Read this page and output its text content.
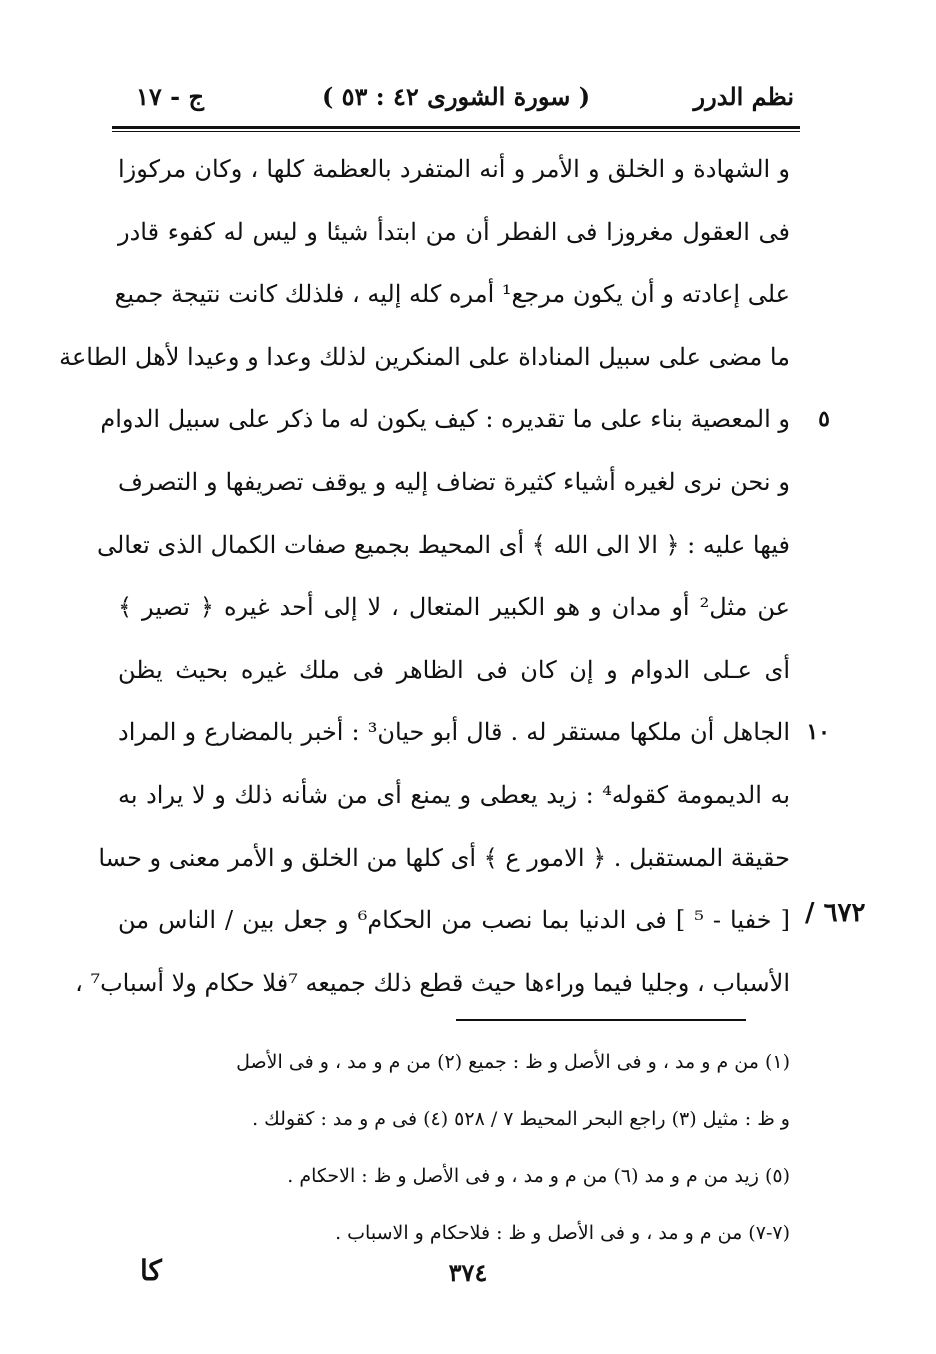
نظم الدرر
( سورة الشورى ٤٢ : ٥٣ )
ج - ١٧
و الشهادة و الخلق و الأمر و أنه المتفرد بالعظمة كلها ، وكان مركوزا
فى العقول مغروزا فى الفطر أن من ابتدأ شيئا و ليس له كفوء قادر
على إعادته و أن يكون مرجع¹ أمره كله إليه ، فلذلك كانت نتيجة جميع
ما مضى على سبيل المناداة على المنكرين لذلك وعدا و وعيدا لأهل الطاعة
و المعصية بناء على ما تقديره : كيف يكون له ما ذكر على سبيل الدوام ٥
و نحن نرى لغيره أشياء كثيرة تضاف إليه و يوقف تصريفها و التصرف
فيها عليه : ﴿ الا الى الله ﴾ أى المحيط بجميع صفات الكمال الذى تعالى
عن مثل² أو مدان و هو الكبير المتعال ، لا إلى أحد غيره ﴿ تصير ﴾
أى عـلى الدوام و إن كان فى الظاهر فى ملك غيره بحيث يظن
الجاهل أن ملكها مستقر له . قال أبو حيان³ : أخبر بالمضارع و المراد ١٠
به الديمومة كقوله⁴ : زيد يعطى و يمنع أى من شأنه ذلك و لا يراد به
حقيقة المستقبل . ﴿ الامور ع ﴾ أى كلها من الخلق و الأمر معنى و حسا
[ خفيا - ⁵ ] فى الدنيا بما نصب من الحكام⁶ و جعل بين / الناس من
الأسباب ، وجليا فيما وراءها حيث قطع ذلك جميعه ⁷فلا حكام ولا أسباب⁷ ،
٦٧٢ /
(١) من م و مد ، و فى الأصل و ظ : جميع (٢) من م و مد ، و فى الأصل
و ظ : مثيل (٣) راجع البحر المحيط ٧ / ٥٢٨ (٤) فى م و مد : كقولك .
(٥) زيد من م و مد (٦) من م و مد ، و فى الأصل و ظ : الاحكام .
(٧-٧) من م و مد ، و فى الأصل و ظ : فلاحكام و الاسباب .
كا	٣٧٤
